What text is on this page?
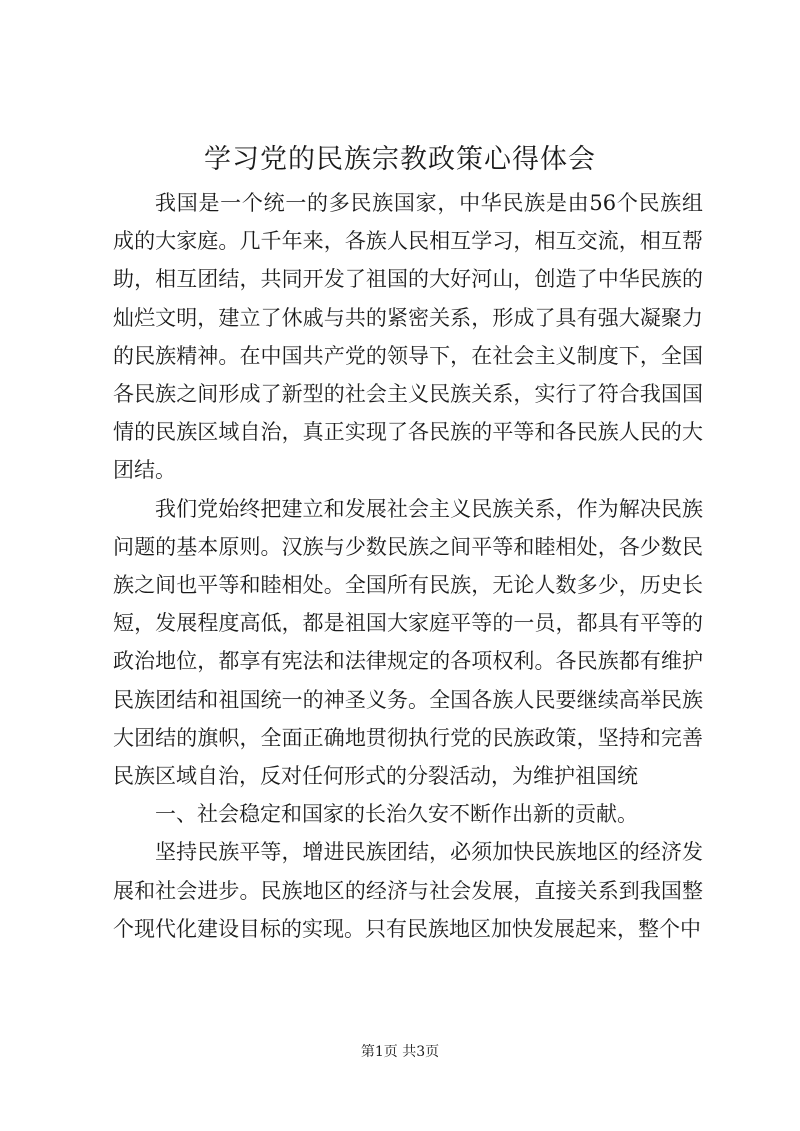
学习党的民族宗教政策心得体会

我国是一个统一的多民族国家，中华民族是由56个民族组成的大家庭。几千年来，各族人民相互学习，相互交流，相互帮助，相互团结，共同开发了祖国的大好河山，创造了中华民族的灿烂文明，建立了休戚与共的紧密关系，形成了具有强大凝聚力的民族精神。在中国共产党的领导下，在社会主义制度下，全国各民族之间形成了新型的社会主义民族关系，实行了符合我国国情的民族区域自治，真正实现了各民族的平等和各民族人民的大团结。

我们党始终把建立和发展社会主义民族关系，作为解决民族问题的基本原则。汉族与少数民族之间平等和睦相处，各少数民族之间也平等和睦相处。全国所有民族，无论人数多少，历史长短，发展程度高低，都是祖国大家庭平等的一员，都具有平等的政治地位，都享有宪法和法律规定的各项权利。各民族都有维护民族团结和祖国统一的神圣义务。全国各族人民要继续高举民族大团结的旗帜，全面正确地贯彻执行党的民族政策，坚持和完善民族区域自治，反对任何形式的分裂活动，为维护祖国统

一、社会稳定和国家的长治久安不断作出新的贡献。

坚持民族平等，增进民族团结，必须加快民族地区的经济发展和社会进步。民族地区的经济与社会发展，直接关系到我国整个现代化建设目标的实现。只有民族地区加快发展起来，整个中

第1页 共3页
